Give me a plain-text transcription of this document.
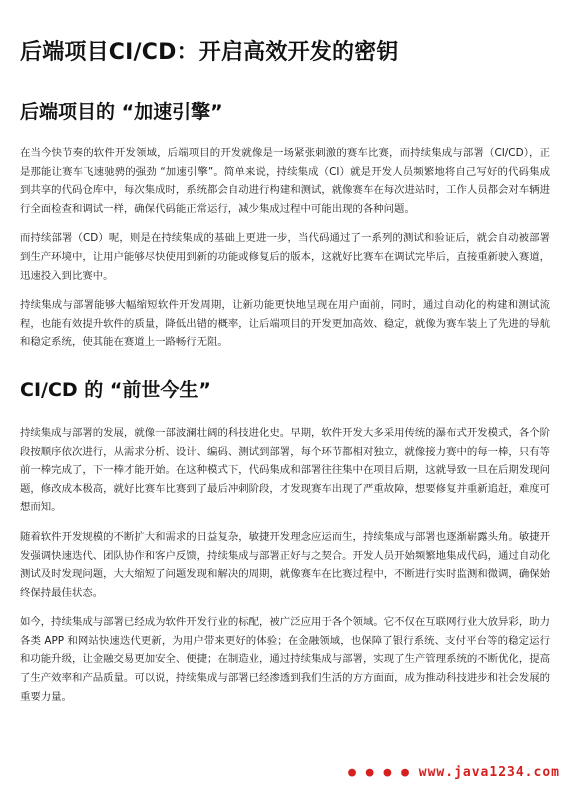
后端项目CI/CD：开启高效开发的密钥
后端项目的 “加速引擎”

在当今快节奏的软件开发领域，后端项目的开发就像是一场紧张刺激的赛车比赛，而持续集成与部署（CI/CD），正是那能让赛车飞速驰骋的强劲 “加速引擎”。简单来说，持续集成（CI）就是开发人员频繁地将自己写好的代码集成到共享的代码仓库中，每次集成时，系统都会自动进行构建和测试，就像赛车在每次进站时，工作人员都会对车辆进行全面检查和调试一样，确保代码能正常运行，减少集成过程中可能出现的各种问题。

而持续部署（CD）呢，则是在持续集成的基础上更进一步，当代码通过了一系列的测试和验证后，就会自动被部署到生产环境中，让用户能够尽快使用到新的功能或修复后的版本，这就好比赛车在调试完毕后，直接重新驶入赛道，迅速投入到比赛中。

持续集成与部署能够大幅缩短软件开发周期，让新功能更快地呈现在用户面前，同时，通过自动化的构建和测试流程，也能有效提升软件的质量，降低出错的概率，让后端项目的开发更加高效、稳定，就像为赛车装上了先进的导航和稳定系统，使其能在赛道上一路畅行无阻。

CI/CD 的 “前世今生”

持续集成与部署的发展，就像一部波澜壮阔的科技进化史。早期，软件开发大多采用传统的瀑布式开发模式，各个阶段按顺序依次进行，从需求分析、设计、编码、测试到部署，每个环节都相对独立，就像接力赛中的每一棒，只有等前一棒完成了，下一棒才能开始。在这种模式下，代码集成和部署往往集中在项目后期，这就导致一旦在后期发现问题，修改成本极高，就好比赛车比赛到了最后冲刺阶段，才发现赛车出现了严重故障，想要修复并重新追赶，难度可想而知。

随着软件开发规模的不断扩大和需求的日益复杂，敏捷开发理念应运而生，持续集成与部署也逐渐崭露头角。敏捷开发强调快速迭代、团队协作和客户反馈，持续集成与部署正好与之契合。开发人员开始频繁地集成代码，通过自动化测试及时发现问题，大大缩短了问题发现和解决的周期，就像赛车在比赛过程中，不断进行实时监测和微调，确保始终保持最佳状态。

如今，持续集成与部署已经成为软件开发行业的标配，被广泛应用于各个领域。它不仅在互联网行业大放异彩，助力各类 APP 和网站快速迭代更新，为用户带来更好的体验；在金融领域，也保障了银行系统、支付平台等的稳定运行和功能升级，让金融交易更加安全、便捷；在制造业，通过持续集成与部署，实现了生产管理系统的不断优化，提高了生产效率和产品质量。可以说，持续集成与部署已经渗透到我们生活的方方面面，成为推动科技进步和社会发展的重要力量。

● ● ● ● www.java1234.com
